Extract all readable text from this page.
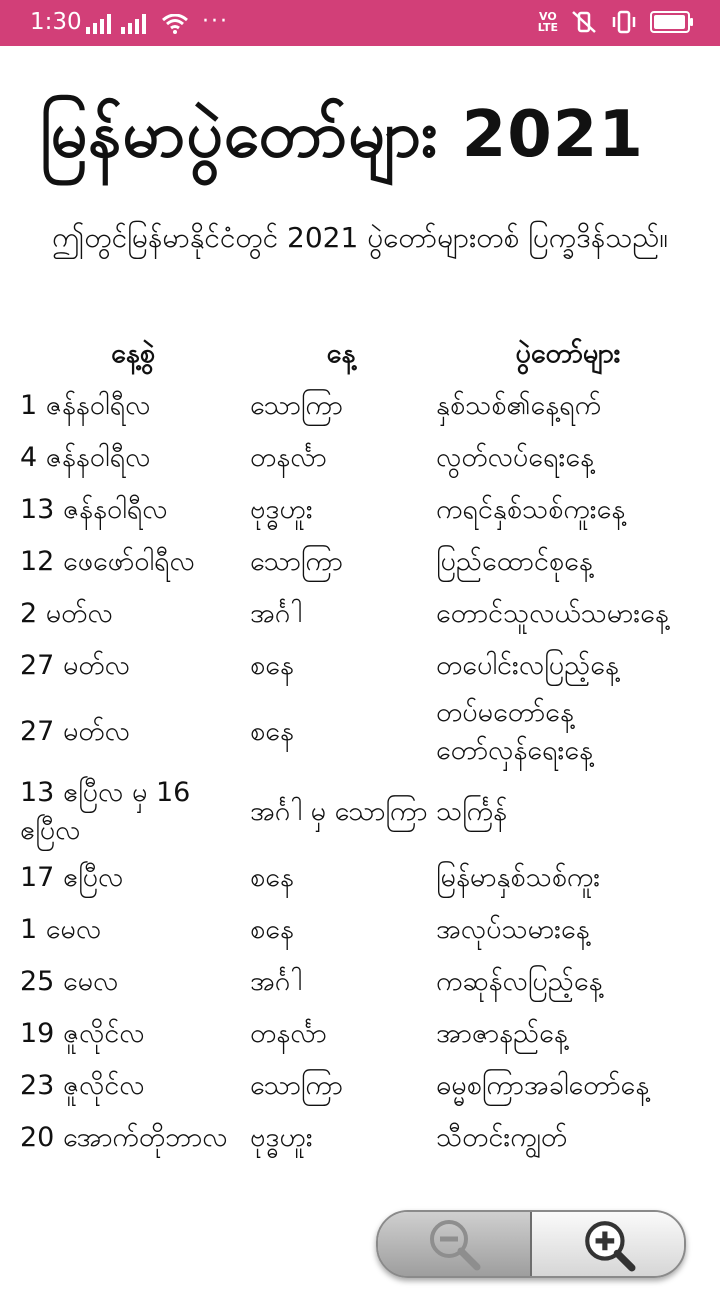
1:30	···	VO
LTE
မြန်မာပွဲတော်များ 2021
ဤတွင်မြန်မာနိုင်ငံတွင် 2021 ပွဲတော်များတစ် ပြက္ခဒိန်သည်။
နေ့စွဲ	နေ့	ပွဲတော်များ
1 ဇန်နဝါရီလ	သောကြာ	နှစ်သစ်၏နေ့ရက်
4 ဇန်နဝါရီလ	တနင်္လာ	လွတ်လပ်ရေးနေ့
13 ဇန်နဝါရီလ	ဗုဒ္ဓဟူး	ကရင်နှစ်သစ်ကူးနေ့
12 ဖေဖော်ဝါရီလ	သောကြာ	ပြည်ထောင်စုနေ့
2 မတ်လ	အင်္ဂါ	တောင်သူလယ်သမားနေ့
27 မတ်လ	စနေ	တပေါင်းလပြည့်နေ့
27 မတ်လ	စနေ	တပ်မတော်နေ့ တော်လှန်ရေးနေ့
13 ဧပြီလ မှ 16 ဧပြီလ	အင်္ဂါ မှ သောကြာ	သင်္ကြန်
17 ဧပြီလ	စနေ	မြန်မာနှစ်သစ်ကူး
1 မေလ	စနေ	အလုပ်သမားနေ့
25 မေလ	အင်္ဂါ	ကဆုန်လပြည့်နေ့
19 ဇူလိုင်လ	တနင်္လာ	အာဇာနည်နေ့
23 ဇူလိုင်လ	သောကြာ	ဓမ္မစကြာအခါတော်နေ့
20 အောက်တိုဘာလ	ဗုဒ္ဓဟူး	သီတင်းကျွတ်
